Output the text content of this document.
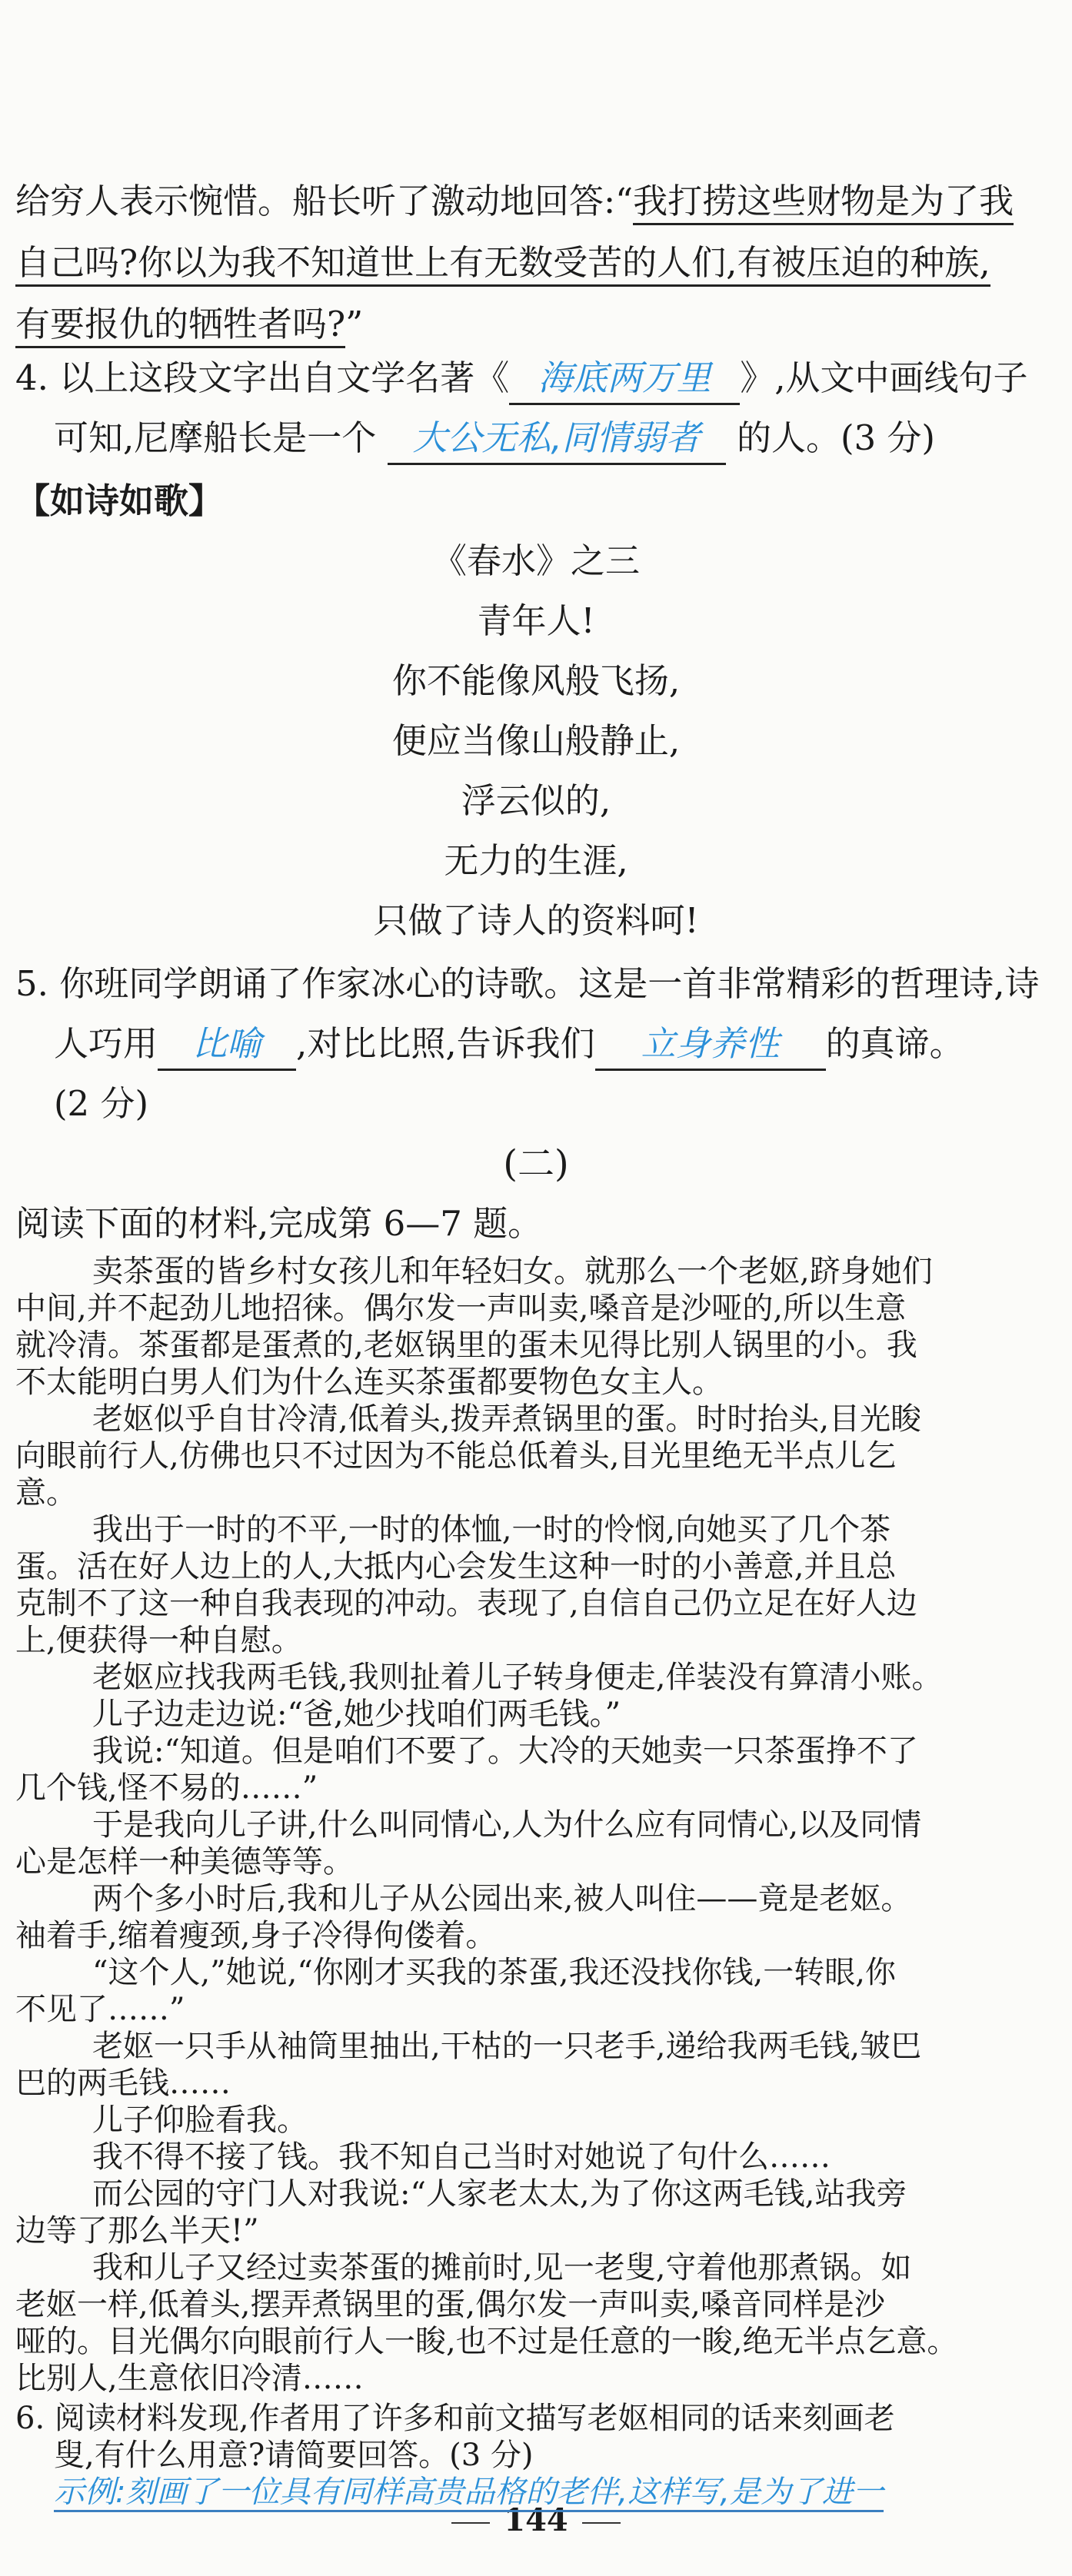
给穷人表示惋惜。船长听了激动地回答:“我打捞这些财物是为了我
自己吗?你以为我不知道世上有无数受苦的人们,有被压迫的种族,
有要报仇的牺牲者吗?”
4. 以上这段文字出自文学名著《 海底两万里 》,从文中画线句子
可知,尼摩船长是一个 大公无私,同情弱者 的人。(3 分)
【如诗如歌】
《春水》之三
青年人!
你不能像风般飞扬,
便应当像山般静止,
浮云似的,
无力的生涯,
只做了诗人的资料呵!
5. 你班同学朗诵了作家冰心的诗歌。这是一首非常精彩的哲理诗,诗
人巧用 比喻 ,对比比照,告诉我们 立身养性 的真谛。
(2 分)
(二)
阅读下面的材料,完成第 6—7 题。
144
卖茶蛋的皆乡村女孩儿和年轻妇女。就那么一个老妪,跻身她们
中间,并不起劲儿地招徕。偶尔发一声叫卖,嗓音是沙哑的,所以生意
就冷清。茶蛋都是蛋煮的,老妪锅里的蛋未见得比别人锅里的小。我
不太能明白男人们为什么连买茶蛋都要物色女主人。
老妪似乎自甘冷清,低着头,拨弄煮锅里的蛋。时时抬头,目光睃
向眼前行人,仿佛也只不过因为不能总低着头,目光里绝无半点儿乞
意。
我出于一时的不平,一时的体恤,一时的怜悯,向她买了几个茶
蛋。活在好人边上的人,大抵内心会发生这种一时的小善意,并且总
克制不了这一种自我表现的冲动。表现了,自信自己仍立足在好人边
上,便获得一种自慰。
老妪应找我两毛钱,我则扯着儿子转身便走,佯装没有算清小账。
儿子边走边说:“爸,她少找咱们两毛钱。”
我说:“知道。但是咱们不要了。大冷的天她卖一只茶蛋挣不了
几个钱,怪不易的……”
于是我向儿子讲,什么叫同情心,人为什么应有同情心,以及同情
心是怎样一种美德等等。
两个多小时后,我和儿子从公园出来,被人叫住——竟是老妪。
袖着手,缩着瘦颈,身子冷得佝偻着。
“这个人,”她说,“你刚才买我的茶蛋,我还没找你钱,一转眼,你
不见了……”
老妪一只手从袖筒里抽出,干枯的一只老手,递给我两毛钱,皱巴
巴的两毛钱……
儿子仰脸看我。
我不得不接了钱。我不知自己当时对她说了句什么……
而公园的守门人对我说:“人家老太太,为了你这两毛钱,站我旁
边等了那么半天!”
我和儿子又经过卖茶蛋的摊前时,见一老叟,守着他那煮锅。如
老妪一样,低着头,摆弄煮锅里的蛋,偶尔发一声叫卖,嗓音同样是沙
哑的。目光偶尔向眼前行人一睃,也不过是任意的一睃,绝无半点乞意。
比别人,生意依旧冷清……
6. 阅读材料发现,作者用了许多和前文描写老妪相同的话来刻画老
叟,有什么用意?请简要回答。(3 分)
示例:刻画了一位具有同样高贵品格的老伴,这样写,是为了进一
